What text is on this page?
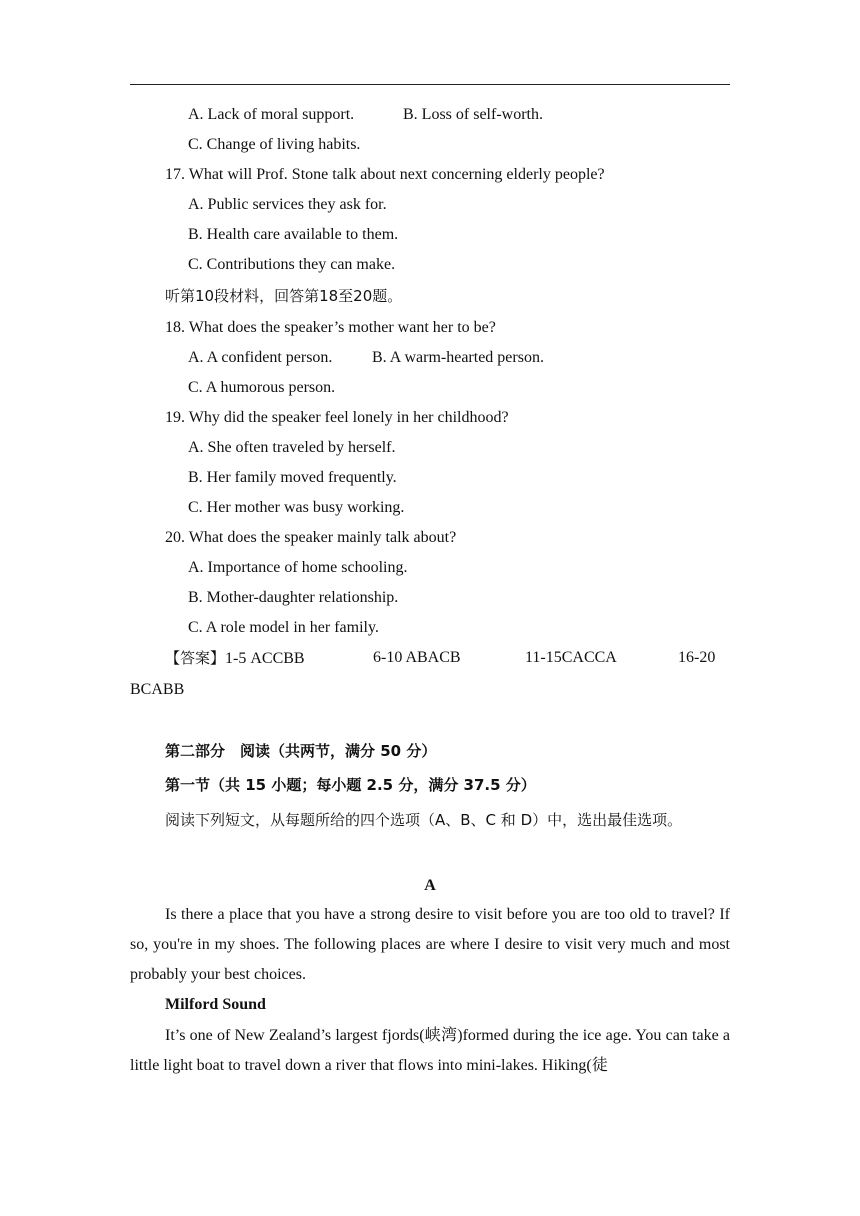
A. Lack of moral support.	B. Loss of self-worth.
C. Change of living habits.
17. What will Prof. Stone talk about next concerning elderly people?
A. Public services they ask for.
B. Health care available to them.
C. Contributions they can make.
听第10段材料，回答第18至20题。
18. What does the speaker’s mother want her to be?
A. A confident person. B. A warm-hearted person.
C. A humorous person.
19. Why did the speaker feel lonely in her childhood?
A. She often traveled by herself.
B. Her family moved frequently.
C. Her mother was busy working.
20. What does the speaker mainly talk about?
A. Importance of home schooling.
B. Mother-daughter relationship.
C. A role model in her family.
【答案】1-5 ACCBB	6-10 ABACB	11-15CACCA	16-20
BCABB
第二部分　阅读（共两节，满分 50 分）
第一节（共 15 小题；每小题 2.5 分，满分 37.5 分）
阅读下列短文，从每题所给的四个选项（A、B、C 和 D）中，选出最佳选项。
A
Is there a place that you have a strong desire to visit before you are too old to travel? If so, you're in my shoes. The following places are where I desire to visit very much and most probably your best choices.
Milford Sound
It’s one of New Zealand’s largest fjords(峡湾)formed during the ice age. You can take a little light boat to travel down a river that flows into mini-lakes. Hiking(徒
